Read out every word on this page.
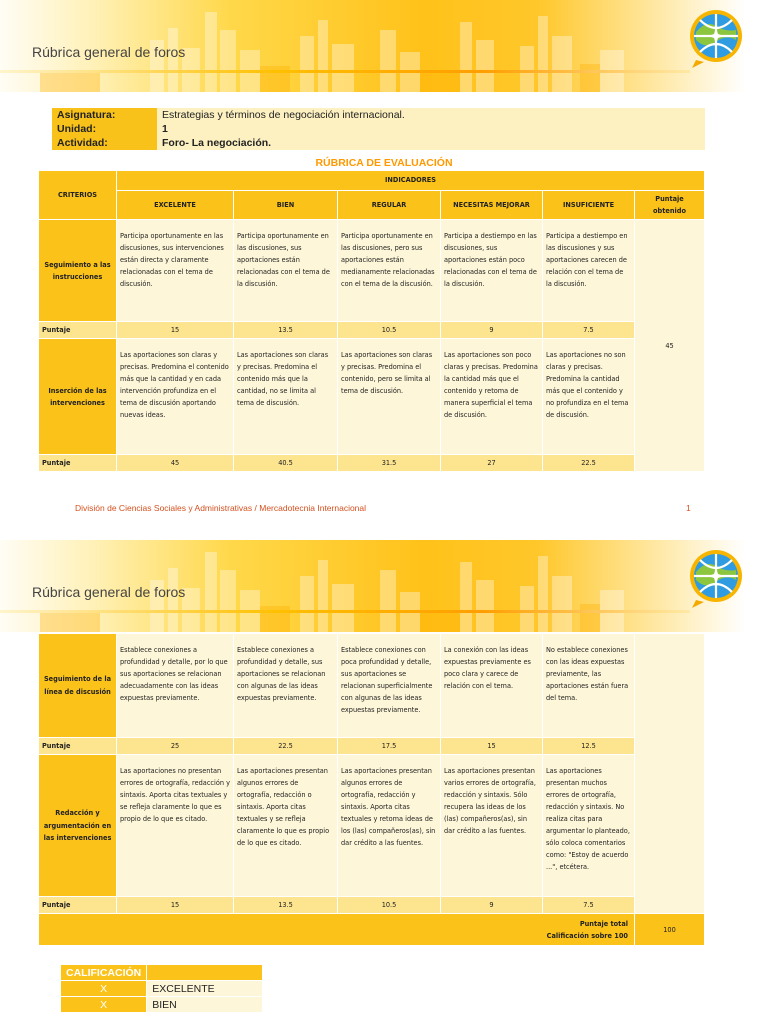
Rúbrica general de foros
Asignatura:	Estrategias y términos de negociación internacional.
Unidad:	1
Actividad:	Foro- La negociación.
RÚBRICA DE EVALUACIÓN
CRITERIOS	INDICADORES					
	EXCELENTE	BIEN	REGULAR	NECESITAS MEJORAR	INSUFICIENTE	Puntaje obtenido
Seguimiento a las instrucciones	Participa oportunamente en las discusiones, sus intervenciones están directa y claramente relacionadas con el tema de discusión.	Participa oportunamente en las discusiones, sus aportaciones están relacionadas con el tema de la discusión.	Participa oportunamente en las discusiones, pero sus aportaciones están medianamente relacionadas con el tema de la discusión.	Participa a destiempo en las discusiones, sus aportaciones están poco relacionadas con el tema de la discusión.	Participa a destiempo en las discusiones y sus aportaciones carecen de relación con el tema de la discusión.	45
Puntaje	15	13.5	10.5	9	7.5	
Inserción de las intervenciones	Las aportaciones son claras y precisas. Predomina el contenido más que la cantidad y en cada intervención profundiza en el tema de discusión aportando nuevas ideas.	Las aportaciones son claras y precisas. Predomina el contenido más que la cantidad, no se limita al tema de discusión.	Las aportaciones son claras y precisas. Predomina el contenido, pero se limita al tema de discusión.	Las aportaciones son poco claras y precisas. Predomina la cantidad más que el contenido y retoma de manera superficial el tema de discusión.	Las aportaciones no son claras y precisas. Predomina la cantidad más que el contenido y no profundiza en el tema de discusión.	
Puntaje	45	40.5	31.5	27	22.5	
División de Ciencias Sociales y Administrativas / Mercadotecnia Internacional	1
Rúbrica general de foros
Seguimiento de la línea de discusión	Establece conexiones a profundidad y detalle, por lo que sus aportaciones se relacionan adecuadamente con las ideas expuestas previamente.	Establece conexiones a profundidad y detalle, sus aportaciones se relacionan con algunas de las ideas expuestas previamente.	Establece conexiones con poca profundidad y detalle, sus aportaciones se relacionan superficialmente con algunas de las ideas expuestas previamente.	La conexión con las ideas expuestas previamente es poco clara y carece de relación con el tema.	No establece conexiones con las ideas expuestas previamente, las aportaciones están fuera del tema.	
Puntaje	25	22.5	17.5	15	12.5	
Redacción y argumentación en las intervenciones	Las aportaciones no presentan errores de ortografía, redacción y sintaxis. Aporta citas textuales y se refleja claramente lo que es propio de lo que es citado.	Las aportaciones presentan algunos errores de ortografía, redacción o sintaxis. Aporta citas textuales y se refleja claramente lo que es propio de lo que es citado.	Las aportaciones presentan algunos errores de ortografía, redacción y sintaxis. Aporta citas textuales y retoma ideas de los (las) compañeros(as), sin dar crédito a las fuentes.	Las aportaciones presentan varios errores de ortografía, redacción y sintaxis. Sólo recupera las ideas de los (las) compañeros(as), sin dar crédito a las fuentes.	Las aportaciones presentan muchos errores de ortografía, redacción y sintaxis. No realiza citas para argumentar lo planteado, sólo coloca comentarios como: "Estoy de acuerdo ...", etcétera.	
Puntaje	15	13.5	10.5	9	7.5	

Puntaje total
Calificación sobre 100						100
CALIFICACIÓN	
X	EXCELENTE
X	BIEN
